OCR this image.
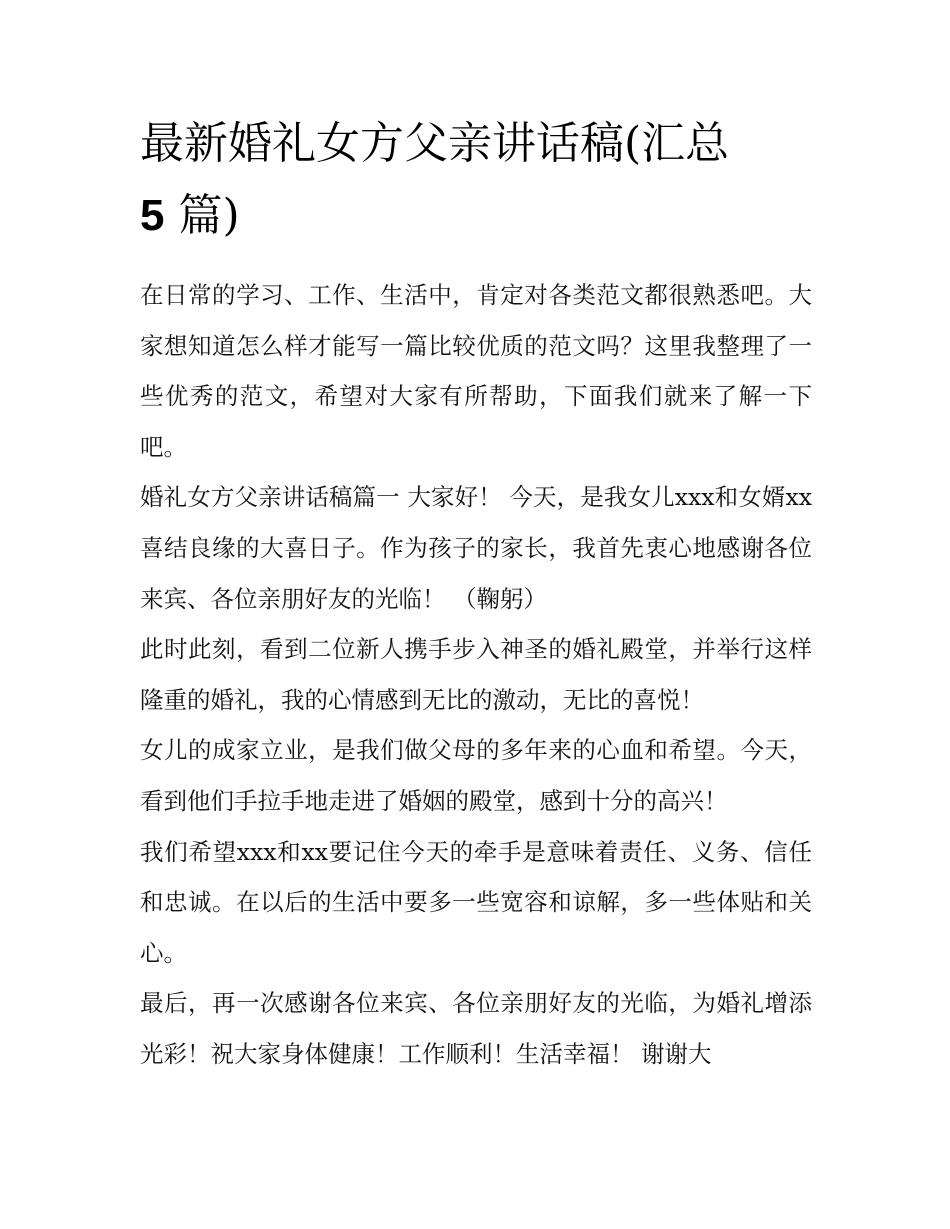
最新婚礼女方父亲讲话稿(汇总
5 篇)

在日常的学习、工作、生活中，肯定对各类范文都很熟悉吧。大家想知道怎么样才能写一篇比较优质的范文吗？这里我整理了一些优秀的范文，希望对大家有所帮助，下面我们就来了解一下吧。

婚礼女方父亲讲话稿篇一 大家好！ 今天，是我女儿xxx和女婿xx喜结良缘的大喜日子。作为孩子的家长，我首先衷心地感谢各位来宾、各位亲朋好友的光临！ （鞠躬）

此时此刻，看到二位新人携手步入神圣的婚礼殿堂，并举行这样隆重的婚礼，我的心情感到无比的激动，无比的喜悦！

女儿的成家立业，是我们做父母的多年来的心血和希望。今天，看到他们手拉手地走进了婚姻的殿堂，感到十分的高兴！

我们希望xxx和xx要记住今天的牵手是意味着责任、义务、信任和忠诚。在以后的生活中要多一些宽容和谅解，多一些体贴和关心。

最后，再一次感谢各位来宾、各位亲朋好友的光临，为婚礼增添光彩！祝大家身体健康！工作顺利！生活幸福！ 谢谢大
